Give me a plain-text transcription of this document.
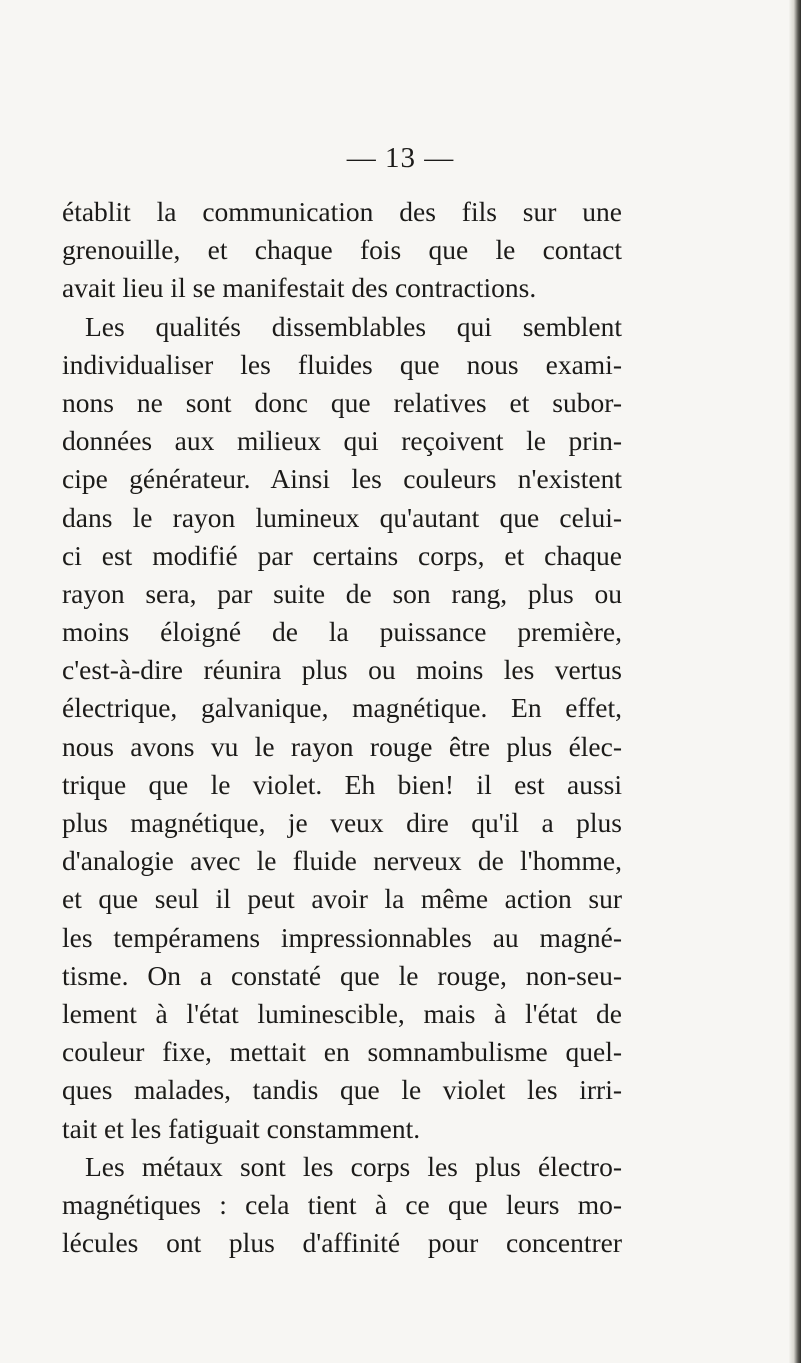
— 13 —
établit la communication des fils sur une
grenouille, et chaque fois que le contact
avait lieu il se manifestait des contractions.
Les qualités dissemblables qui semblent
individualiser les fluides que nous exami-
nons ne sont donc que relatives et subor-
données aux milieux qui reçoivent le prin-
cipe générateur. Ainsi les couleurs n'existent
dans le rayon lumineux qu'autant que celui-
ci est modifié par certains corps, et chaque
rayon sera, par suite de son rang, plus ou
moins éloigné de la puissance première,
c'est-à-dire réunira plus ou moins les vertus
électrique, galvanique, magnétique. En effet,
nous avons vu le rayon rouge être plus élec-
trique que le violet. Eh bien! il est aussi
plus magnétique, je veux dire qu'il a plus
d'analogie avec le fluide nerveux de l'homme,
et que seul il peut avoir la même action sur
les tempéramens impressionnables au magné-
tisme. On a constaté que le rouge, non-seu-
lement à l'état luminescible, mais à l'état de
couleur fixe, mettait en somnambulisme quel-
ques malades, tandis que le violet les irri-
tait et les fatiguait constamment.
Les métaux sont les corps les plus électro-
magnétiques : cela tient à ce que leurs mo-
lécules ont plus d'affinité pour concentrer
